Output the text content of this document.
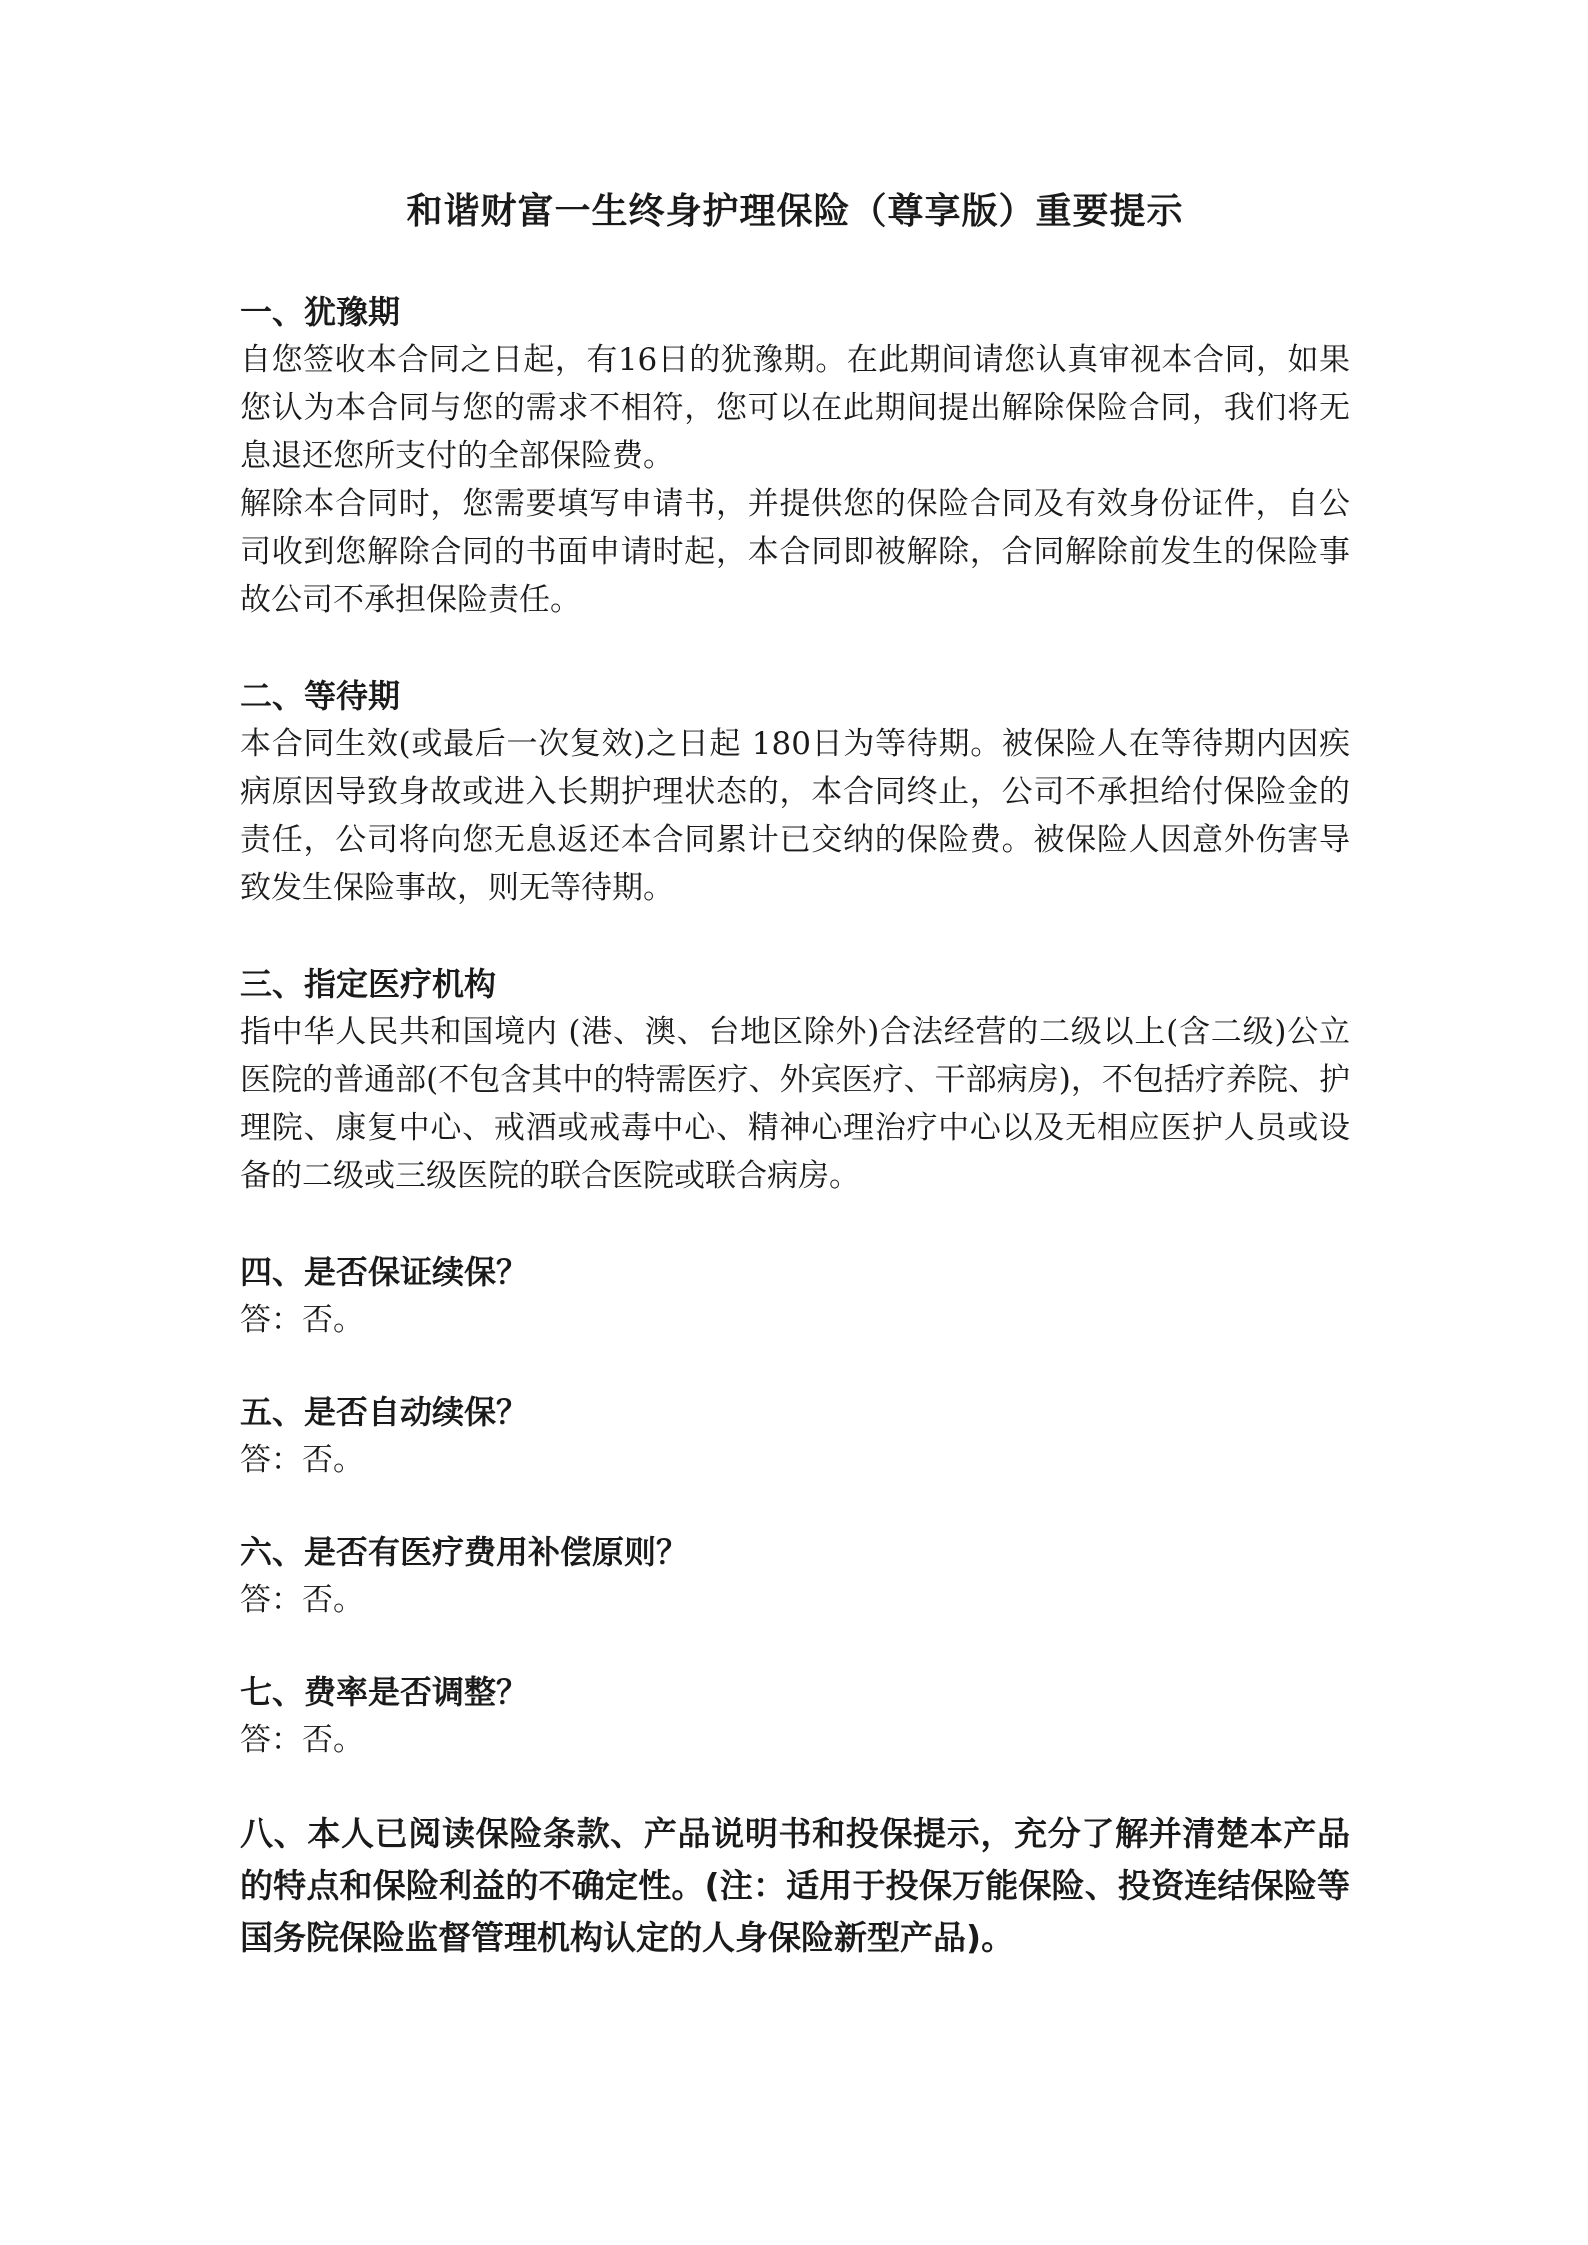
和谐财富一生终身护理保险（尊享版）重要提示
一、犹豫期

自您签收本合同之日起，有16日的犹豫期。在此期间请您认真审视本合同，如果您认为本合同与您的需求不相符，您可以在此期间提出解除保险合同，我们将无息退还您所支付的全部保险费。

解除本合同时，您需要填写申请书，并提供您的保险合同及有效身份证件，自公司收到您解除合同的书面申请时起，本合同即被解除，合同解除前发生的保险事故公司不承担保险责任。

二、等待期

本合同生效(或最后一次复效)之日起 180日为等待期。被保险人在等待期内因疾病原因导致身故或进入长期护理状态的，本合同终止，公司不承担给付保险金的责任，公司将向您无息返还本合同累计已交纳的保险费。被保险人因意外伤害导致发生保险事故，则无等待期。

三、指定医疗机构

指中华人民共和国境内 (港、澳、台地区除外)合法经营的二级以上(含二级)公立医院的普通部(不包含其中的特需医疗、外宾医疗、干部病房)，不包括疗养院、护理院、康复中心、戒酒或戒毒中心、精神心理治疗中心以及无相应医护人员或设备的二级或三级医院的联合医院或联合病房。

四、是否保证续保？

答：否。

五、是否自动续保？

答：否。

六、是否有医疗费用补偿原则？

答：否。

七、费率是否调整？

答：否。

八、本人已阅读保险条款、产品说明书和投保提示，充分了解并清楚本产品的特点和保险利益的不确定性。(注：适用于投保万能保险、投资连结保险等国务院保险监督管理机构认定的人身保险新型产品)。
